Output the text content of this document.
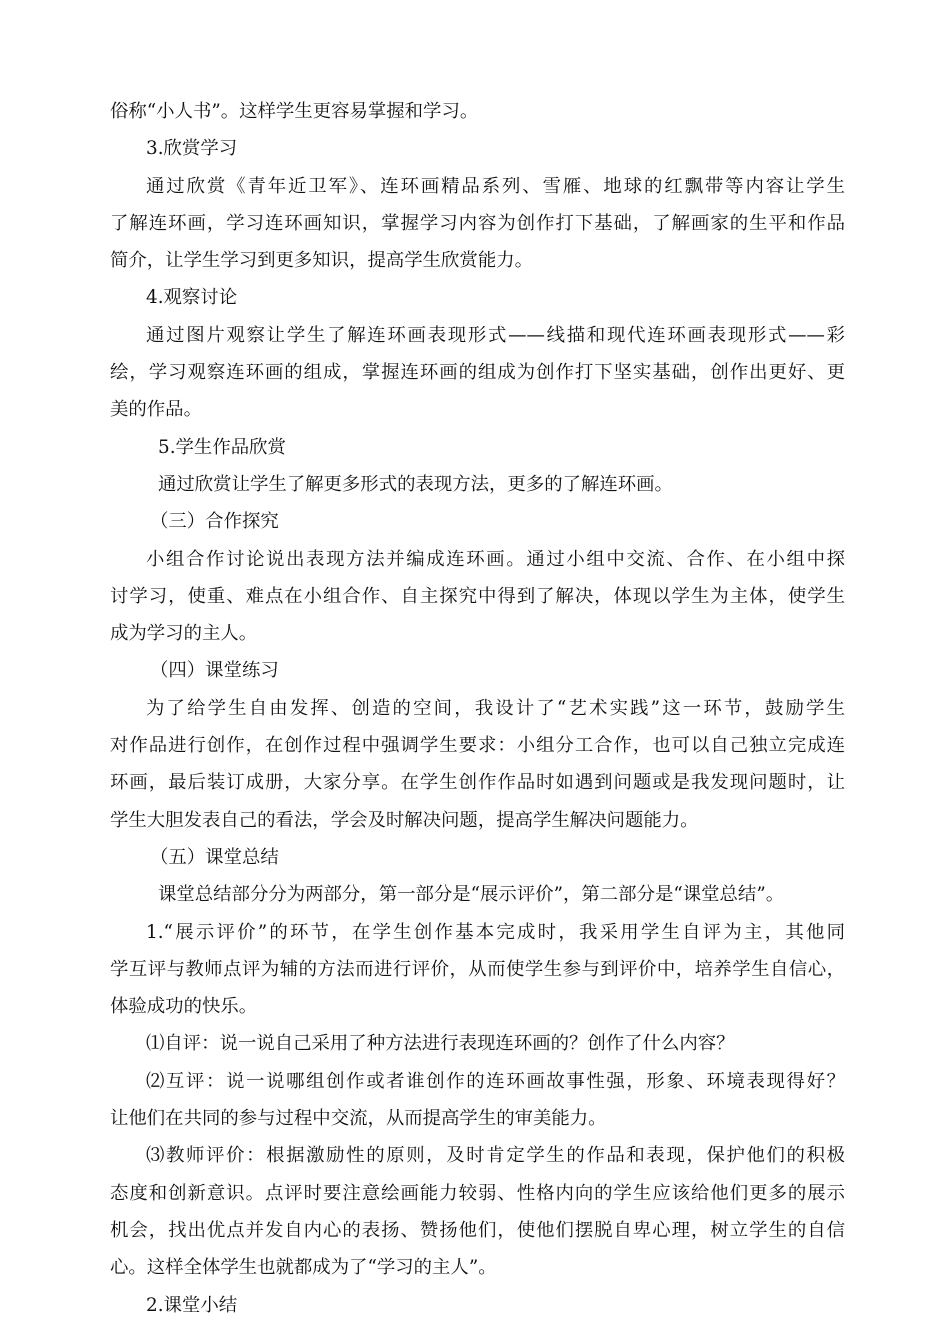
俗称“小人书”。这样学生更容易掌握和学习。
3.欣赏学习
通过欣赏《青年近卫军》、连环画精品系列、雪雁、地球的红飘带等内容让学生
了解连环画，学习连环画知识，掌握学习内容为创作打下基础，了解画家的生平和作品
简介，让学生学习到更多知识，提高学生欣赏能力。
4.观察讨论
通过图片观察让学生了解连环画表现形式——线描和现代连环画表现形式——彩
绘，学习观察连环画的组成，掌握连环画的组成为创作打下坚实基础，创作出更好、更
美的作品。
5.学生作品欣赏
通过欣赏让学生了解更多形式的表现方法，更多的了解连环画。
（三）合作探究
小组合作讨论说出表现方法并编成连环画。通过小组中交流、合作、在小组中探
讨学习，使重、难点在小组合作、自主探究中得到了解决，体现以学生为主体，使学生
成为学习的主人。
（四）课堂练习
为了给学生自由发挥、创造的空间，我设计了“艺术实践”这一环节，鼓励学生
对作品进行创作，在创作过程中强调学生要求：小组分工合作，也可以自己独立完成连
环画，最后装订成册，大家分享。在学生创作作品时如遇到问题或是我发现问题时，让
学生大胆发表自己的看法，学会及时解决问题，提高学生解决问题能力。
（五）课堂总结
课堂总结部分分为两部分，第一部分是“展示评价”，第二部分是“课堂总结”。
1.“展示评价”的环节，在学生创作基本完成时，我采用学生自评为主，其他同
学互评与教师点评为辅的方法而进行评价，从而使学生参与到评价中，培养学生自信心，
体验成功的快乐。
⑴自评：说一说自己采用了种方法进行表现连环画的？创作了什么内容？
⑵互评：说一说哪组创作或者谁创作的连环画故事性强，形象、环境表现得好？
让他们在共同的参与过程中交流，从而提高学生的审美能力。
⑶教师评价：根据激励性的原则，及时肯定学生的作品和表现，保护他们的积极
态度和创新意识。点评时要注意绘画能力较弱、性格内向的学生应该给他们更多的展示
机会，找出优点并发自内心的表扬、赞扬他们，使他们摆脱自卑心理，树立学生的自信
心。这样全体学生也就都成为了“学习的主人”。
2.课堂小结
